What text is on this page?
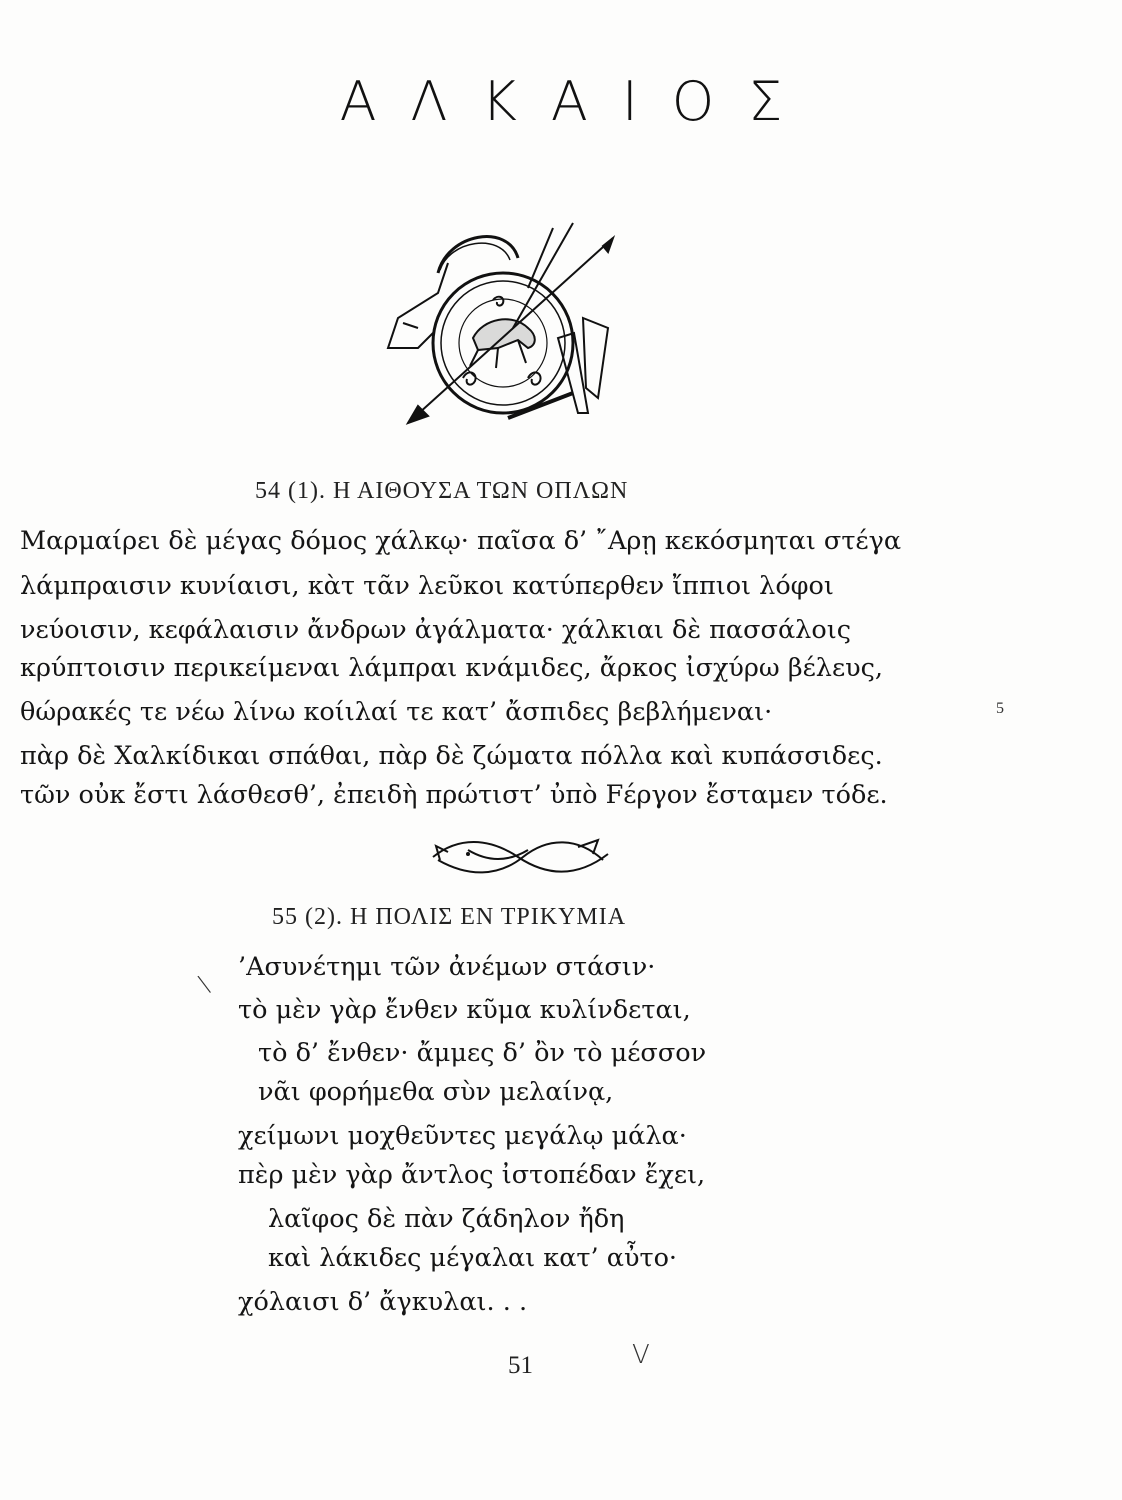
ΑΛΚΑΙΟΣ
54 (1). Η ΑΙΘΟΥΣΑ ΤΩΝ ΟΠΛΩΝ
Μαρμαίρει δὲ μέγας δόμος χάλκῳ· παῖσα δ’ ῎Αρῃ κεκόσμηται στέγα
λάμπραισιν κυνίαισι, κὰτ τᾶν λεῦκοι κατύπερθεν ἴππιοι λόφοι
νεύοισιν, κεφάλαισιν ἄνδρων ἀγάλματα· χάλκιαι δὲ πασσάλοις
κρύπτοισιν περικείμεναι λάμπραι κνάμιδες, ἄρκος ἰσχύρω βέλευς,
θώρακές τε νέω λίνω κοίιλαί τε κατ’ ἄσπιδες βεβλήμεναι·	5
πὰρ δὲ Χαλκίδικαι σπάθαι, πὰρ δὲ ζώματα πόλλα καὶ κυπάσσιδες.
τῶν οὐκ ἔστι λάσθεσθ’, ἐπειδὴ πρώτιστ’ ὐπὸ Fέργον ἔσταμεν τόδε.
55 (2). Η ΠΟΛΙΣ ΕΝ ΤΡΙΚΥΜΙΑ
\
’Ασυνέτημι τῶν ἀνέμων στάσιν·
τὸ μὲν γὰρ ἔνθεν κῦμα κυλίνδεται,
τὸ δ’ ἔνθεν· ἄμμες δ’ ὂν τὸ μέσσον
νᾶι φορήμεθα σὺν μελαίνᾳ,
χείμωνι μοχθεῦντες μεγάλῳ μάλα·
πὲρ μὲν γὰρ ἄντλος ἰστοπέδαν ἔχει,
λαῖφος δὲ πὰν ζάδηλον ἤδη
καὶ λάκιδες μέγαλαι κατ’ αὖτο·
χόλαισι δ’ ἄγκυλαι. . .
51	V
